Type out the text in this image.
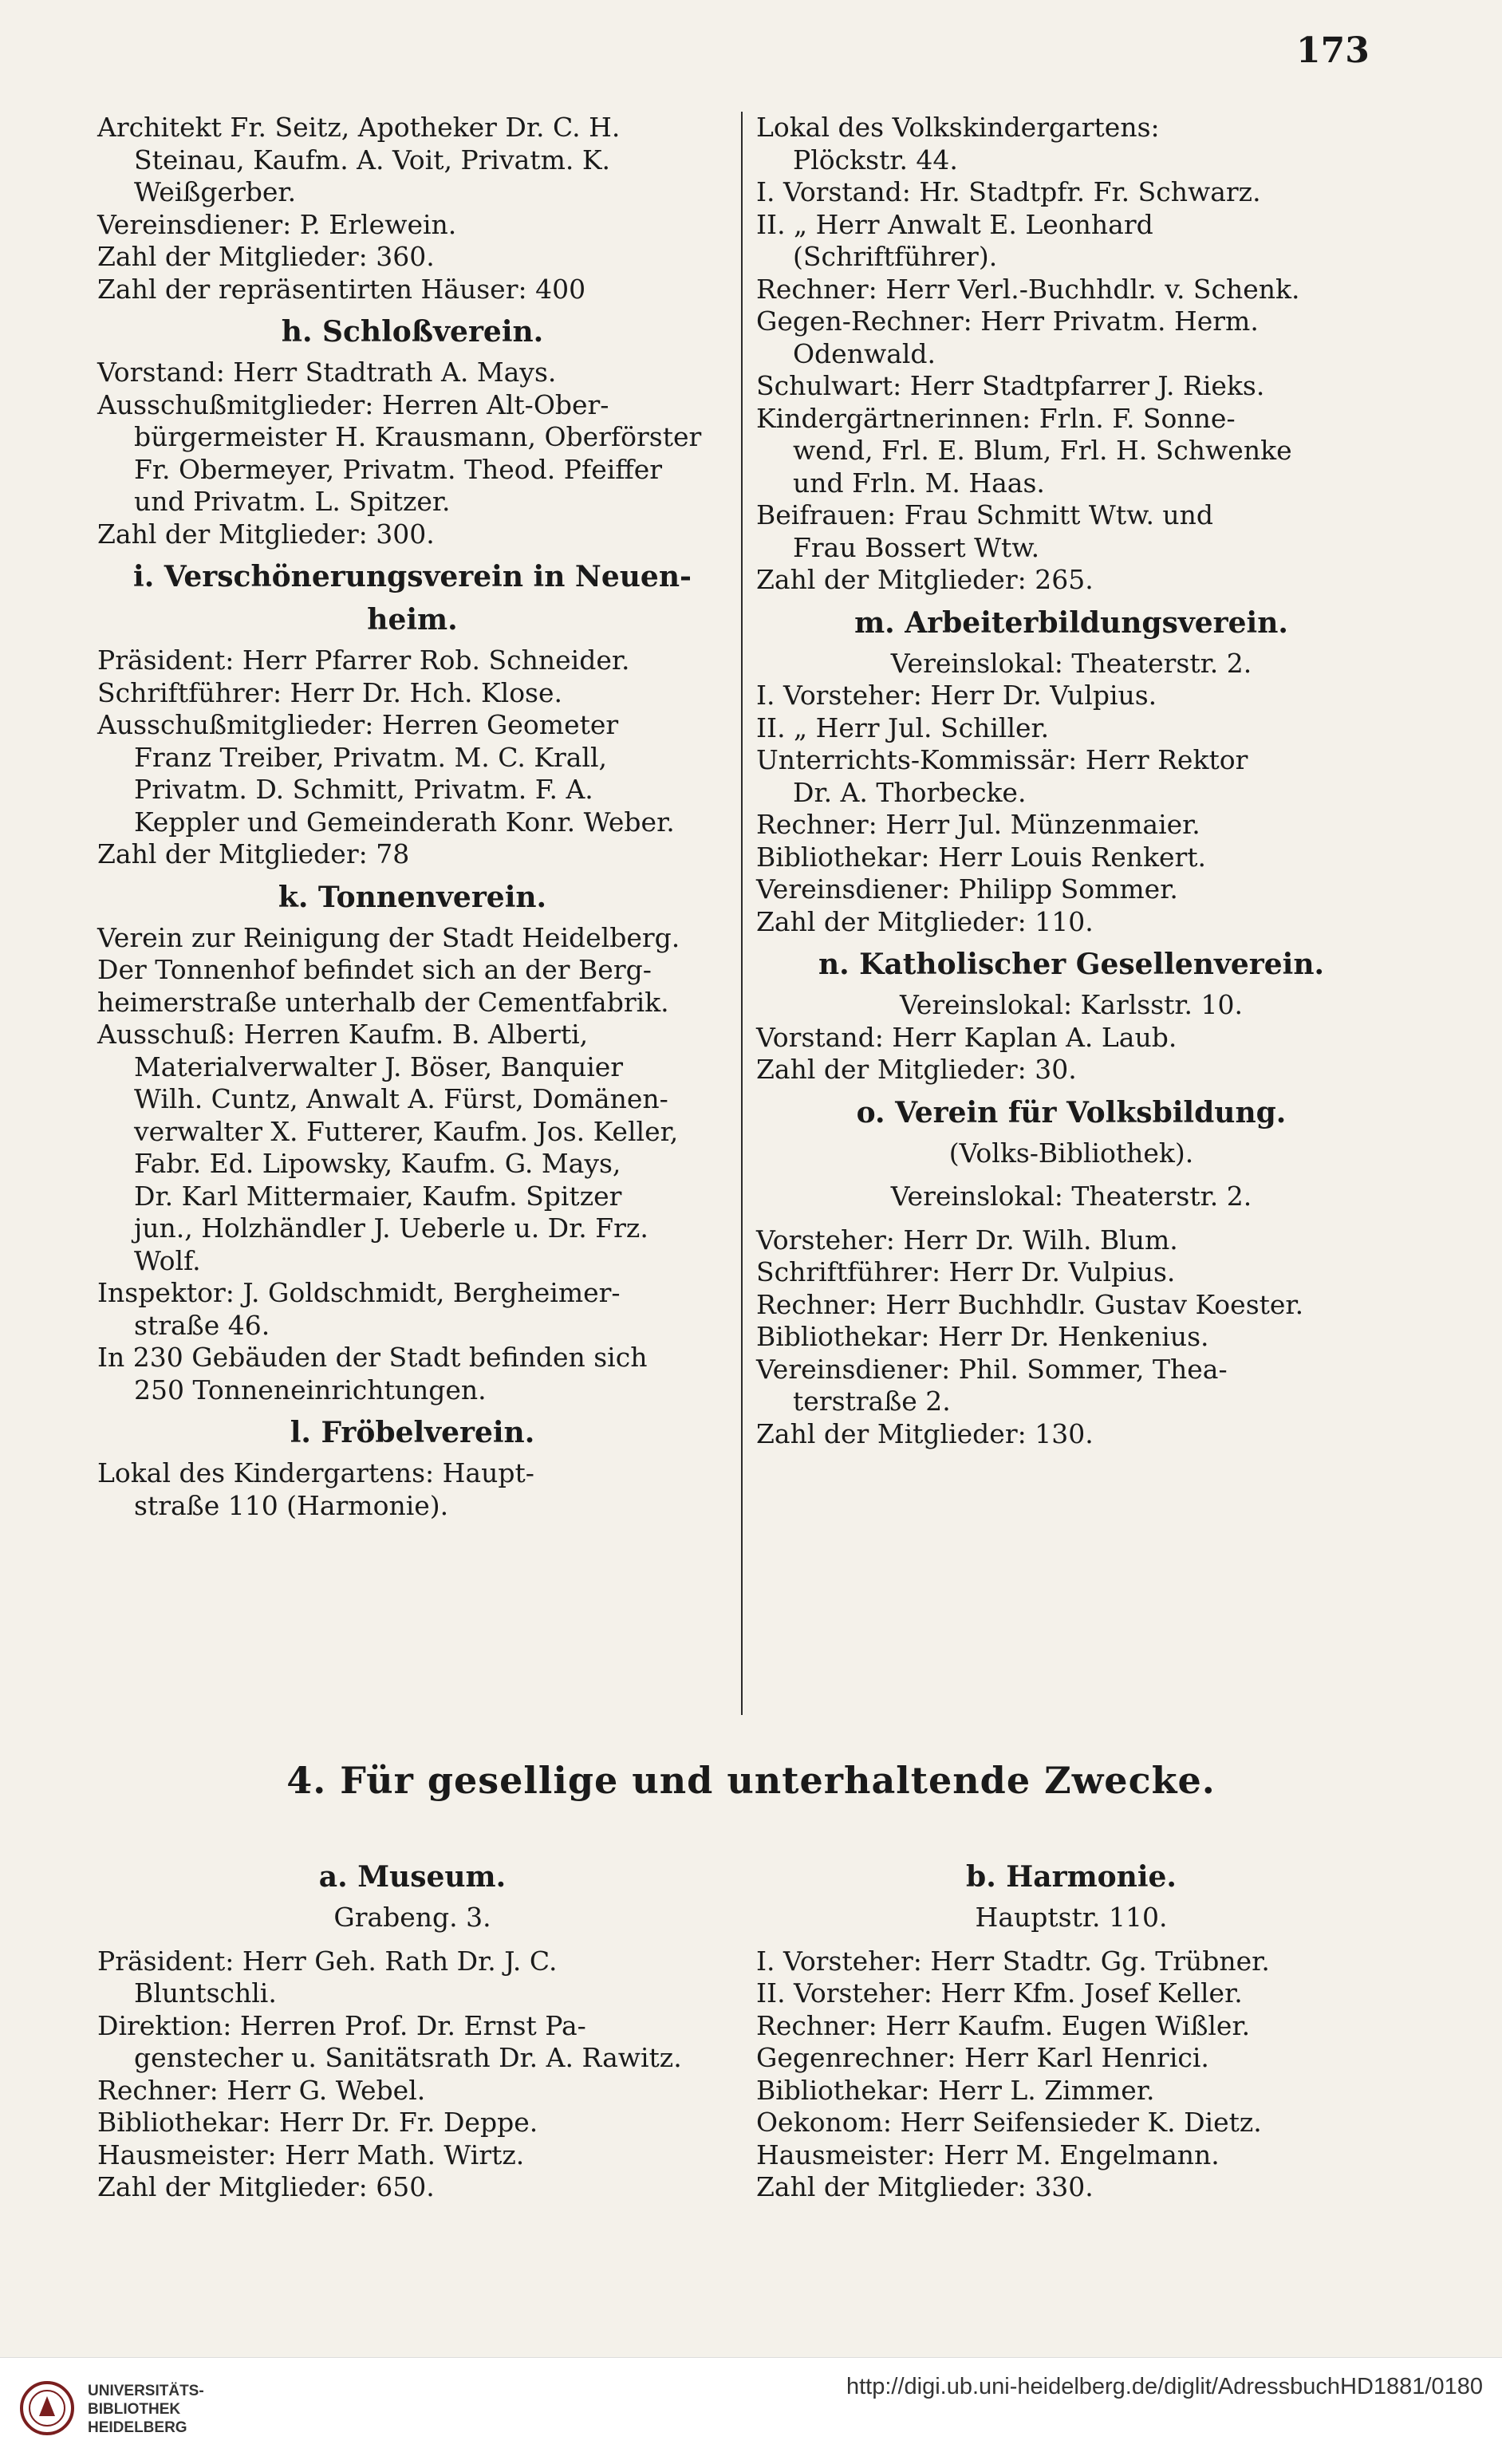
173
Architekt Fr. Seitz, Apotheker Dr. C. H.
Steinau, Kaufm. A. Voit, Privatm. K.
Weißgerber.
Vereinsdiener: P. Erlewein.
Zahl der Mitglieder: 360.
Zahl der repräsentirten Häuser: 400
h. Schloßverein.
Vorstand: Herr Stadtrath A. Mays.
Ausschußmitglieder: Herren Alt-Ober-
bürgermeister H. Krausmann, Oberförster
Fr. Obermeyer, Privatm. Theod. Pfeiffer
und Privatm. L. Spitzer.
Zahl der Mitglieder: 300.
i. Verschönerungsverein in Neuen-
heim.
Präsident: Herr Pfarrer Rob. Schneider.
Schriftführer: Herr Dr. Hch. Klose.
Ausschußmitglieder: Herren Geometer
Franz Treiber, Privatm. M. C. Krall,
Privatm. D. Schmitt, Privatm. F. A.
Keppler und Gemeinderath Konr. Weber.
Zahl der Mitglieder: 78
k. Tonnenverein.
Verein zur Reinigung der Stadt Heidelberg.
Der Tonnenhof befindet sich an der Berg-
heimerstraße unterhalb der Cementfabrik.
Ausschuß: Herren Kaufm. B. Alberti,
Materialverwalter J. Böser, Banquier
Wilh. Cuntz, Anwalt A. Fürst, Domänen-
verwalter X. Futterer, Kaufm. Jos. Keller,
Fabr. Ed. Lipowsky, Kaufm. G. Mays,
Dr. Karl Mittermaier, Kaufm. Spitzer
jun., Holzhändler J. Ueberle u. Dr. Frz.
Wolf.
Inspektor: J. Goldschmidt, Bergheimer-
straße 46.
In 230 Gebäuden der Stadt befinden sich
250 Tonneneinrichtungen.
l. Fröbelverein.
Lokal des Kindergartens: Haupt-
straße 110 (Harmonie).
Lokal des Volkskindergartens:
Plöckstr. 44.
I. Vorstand: Hr. Stadtpfr. Fr. Schwarz.
II. „ Herr Anwalt E. Leonhard
(Schriftführer).
Rechner: Herr Verl.-Buchhdlr. v. Schenk.
Gegen-Rechner: Herr Privatm. Herm.
Odenwald.
Schulwart: Herr Stadtpfarrer J. Rieks.
Kindergärtnerinnen: Frln. F. Sonne-
wend, Frl. E. Blum, Frl. H. Schwenke
und Frln. M. Haas.
Beifrauen: Frau Schmitt Wtw. und
Frau Bossert Wtw.
Zahl der Mitglieder: 265.
m. Arbeiterbildungsverein.
Vereinslokal: Theaterstr. 2.
I. Vorsteher: Herr Dr. Vulpius.
II. „ Herr Jul. Schiller.
Unterrichts-Kommissär: Herr Rektor
Dr. A. Thorbecke.
Rechner: Herr Jul. Münzenmaier.
Bibliothekar: Herr Louis Renkert.
Vereinsdiener: Philipp Sommer.
Zahl der Mitglieder: 110.
n. Katholischer Gesellenverein.
Vereinslokal: Karlsstr. 10.
Vorstand: Herr Kaplan A. Laub.
Zahl der Mitglieder: 30.
o. Verein für Volksbildung.
(Volks-Bibliothek).
Vereinslokal: Theaterstr. 2.
Vorsteher: Herr Dr. Wilh. Blum.
Schriftführer: Herr Dr. Vulpius.
Rechner: Herr Buchhdlr. Gustav Koester.
Bibliothekar: Herr Dr. Henkenius.
Vereinsdiener: Phil. Sommer, Thea-
terstraße 2.
Zahl der Mitglieder: 130.
4. Für gesellige und unterhaltende Zwecke.
a. Museum.
Grabeng. 3.
Präsident: Herr Geh. Rath Dr. J. C.
Bluntschli.
Direktion: Herren Prof. Dr. Ernst Pa-
genstecher u. Sanitätsrath Dr. A. Rawitz.
Rechner: Herr G. Webel.
Bibliothekar: Herr Dr. Fr. Deppe.
Hausmeister: Herr Math. Wirtz.
Zahl der Mitglieder: 650.
b. Harmonie.
Hauptstr. 110.
I. Vorsteher: Herr Stadtr. Gg. Trübner.
II. Vorsteher: Herr Kfm. Josef Keller.
Rechner: Herr Kaufm. Eugen Wißler.
Gegenrechner: Herr Karl Henrici.
Bibliothekar: Herr L. Zimmer.
Oekonom: Herr Seifensieder K. Dietz.
Hausmeister: Herr M. Engelmann.
Zahl der Mitglieder: 330.
UNIVERSITÄTS-
BIBLIOTHEK
HEIDELBERG
http://digi.ub.uni-heidelberg.de/diglit/AdressbuchHD1881/0180
